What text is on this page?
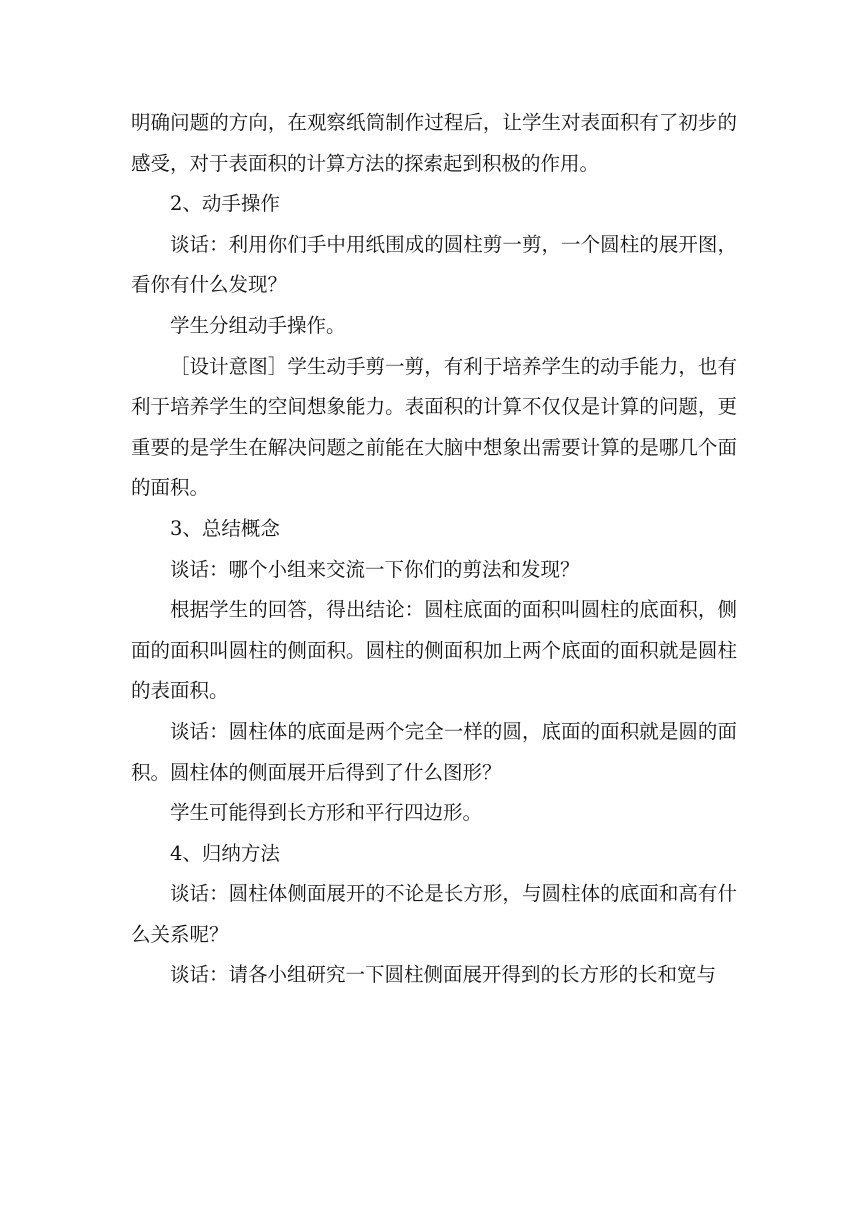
明确问题的方向，在观察纸筒制作过程后，让学生对表面积有了初步的感受，对于表面积的计算方法的探索起到积极的作用。

2、动手操作

谈话：利用你们手中用纸围成的圆柱剪一剪，一个圆柱的展开图，看你有什么发现？

学生分组动手操作。

［设计意图］学生动手剪一剪，有利于培养学生的动手能力，也有利于培养学生的空间想象能力。表面积的计算不仅仅是计算的问题，更重要的是学生在解决问题之前能在大脑中想象出需要计算的是哪几个面的面积。

3、总结概念

谈话：哪个小组来交流一下你们的剪法和发现？

根据学生的回答，得出结论：圆柱底面的面积叫圆柱的底面积，侧面的面积叫圆柱的侧面积。圆柱的侧面积加上两个底面的面积就是圆柱的表面积。

谈话：圆柱体的底面是两个完全一样的圆，底面的面积就是圆的面积。圆柱体的侧面展开后得到了什么图形？

学生可能得到长方形和平行四边形。

4、归纳方法

谈话：圆柱体侧面展开的不论是长方形，与圆柱体的底面和高有什么关系呢？

谈话：请各小组研究一下圆柱侧面展开得到的长方形的长和宽与
